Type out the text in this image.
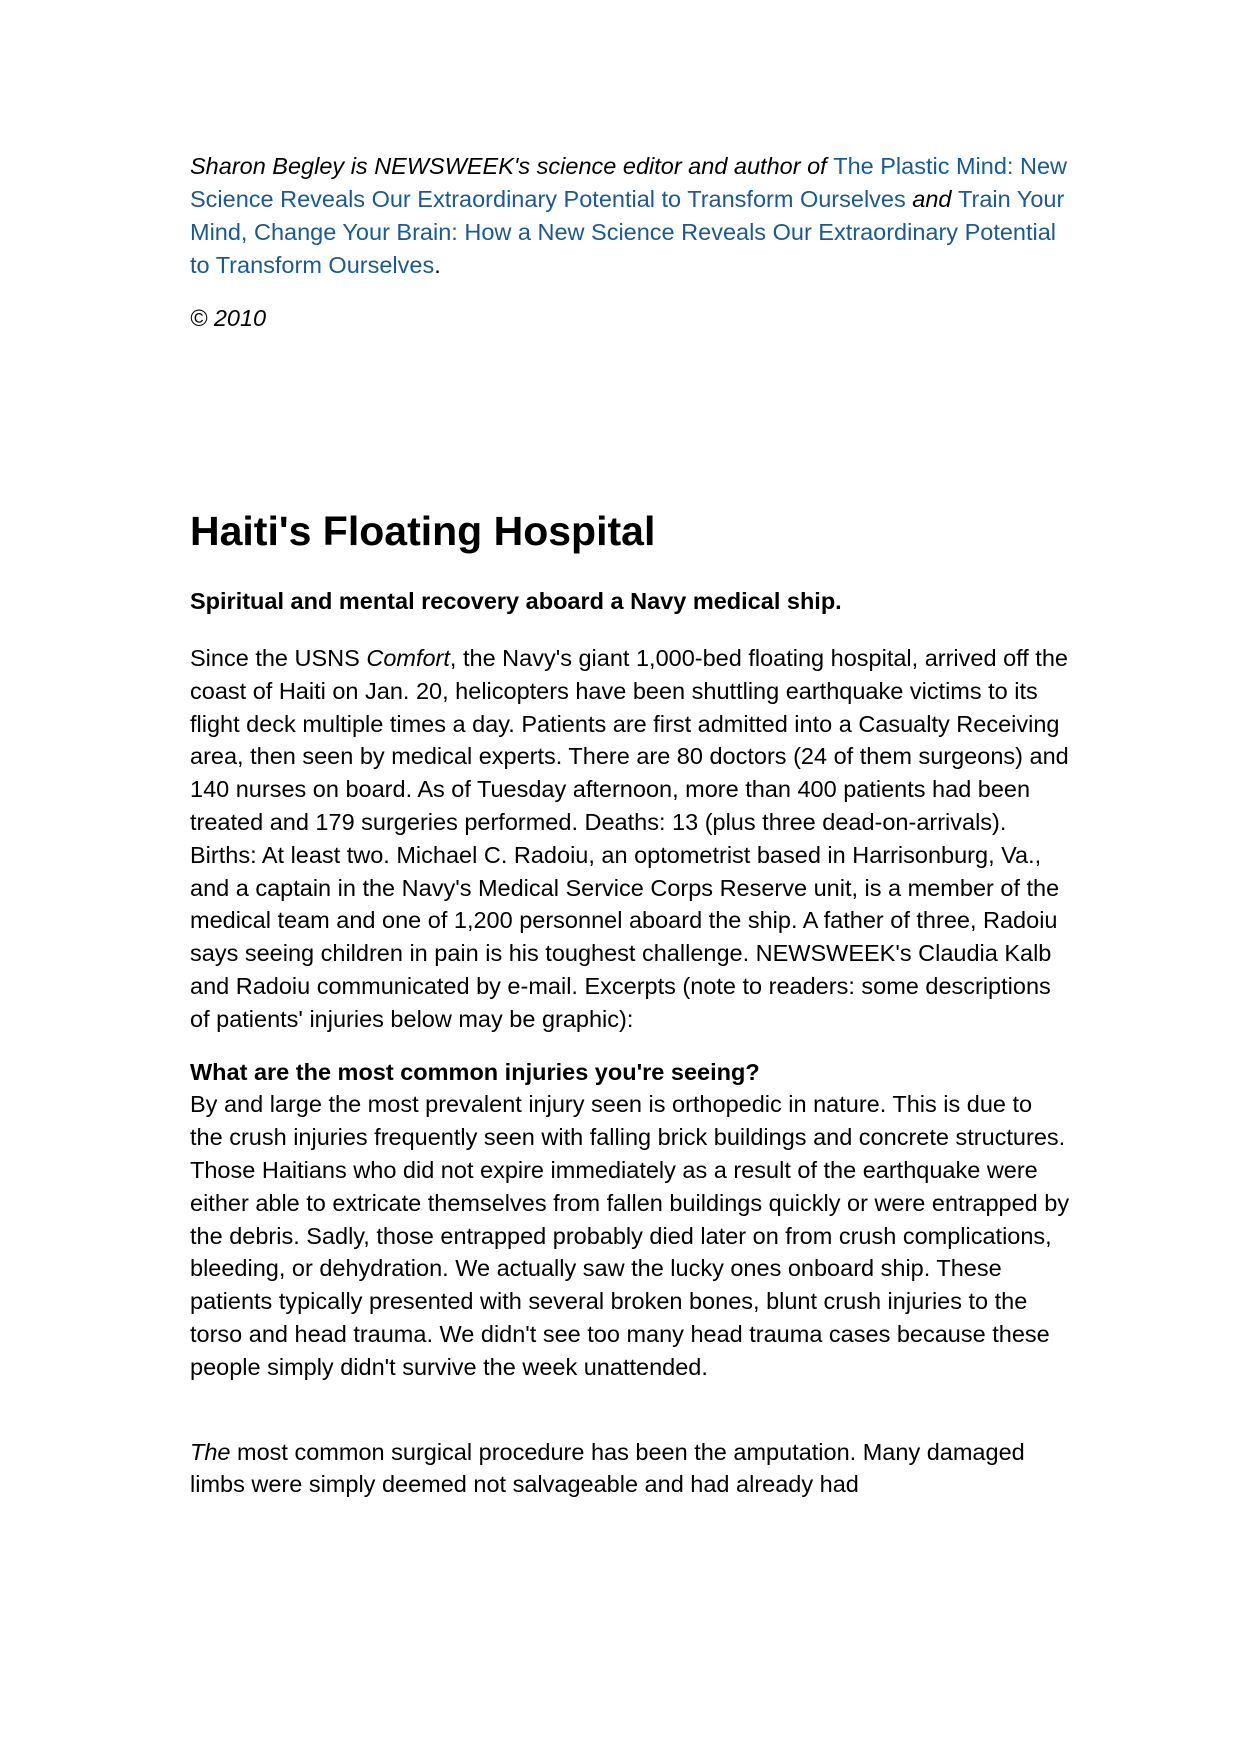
Sharon Begley is NEWSWEEK's science editor and author of The Plastic Mind: New Science Reveals Our Extraordinary Potential to Transform Ourselves and Train Your Mind, Change Your Brain: How a New Science Reveals Our Extraordinary Potential to Transform Ourselves.

© 2010

Haiti's Floating Hospital

Spiritual and mental recovery aboard a Navy medical ship.

Since the USNS Comfort, the Navy's giant 1,000-bed floating hospital, arrived off the coast of Haiti on Jan. 20, helicopters have been shuttling earthquake victims to its flight deck multiple times a day. Patients are first admitted into a Casualty Receiving area, then seen by medical experts. There are 80 doctors (24 of them surgeons) and 140 nurses on board. As of Tuesday afternoon, more than 400 patients had been treated and 179 surgeries performed. Deaths: 13 (plus three dead-on-arrivals). Births: At least two. Michael C. Radoiu, an optometrist based in Harrisonburg, Va., and a captain in the Navy's Medical Service Corps Reserve unit, is a member of the medical team and one of 1,200 personnel aboard the ship. A father of three, Radoiu says seeing children in pain is his toughest challenge. NEWSWEEK's Claudia Kalb and Radoiu communicated by e-mail. Excerpts (note to readers: some descriptions of patients' injuries below may be graphic):

What are the most common injuries you're seeing?

By and large the most prevalent injury seen is orthopedic in nature. This is due to the crush injuries frequently seen with falling brick buildings and concrete structures. Those Haitians who did not expire immediately as a result of the earthquake were either able to extricate themselves from fallen buildings quickly or were entrapped by the debris. Sadly, those entrapped probably died later on from crush complications, bleeding, or dehydration. We actually saw the lucky ones onboard ship. These patients typically presented with several broken bones, blunt crush injuries to the torso and head trauma. We didn't see too many head trauma cases because these people simply didn't survive the week unattended.

The most common surgical procedure has been the amputation. Many damaged limbs were simply deemed not salvageable and had already had
